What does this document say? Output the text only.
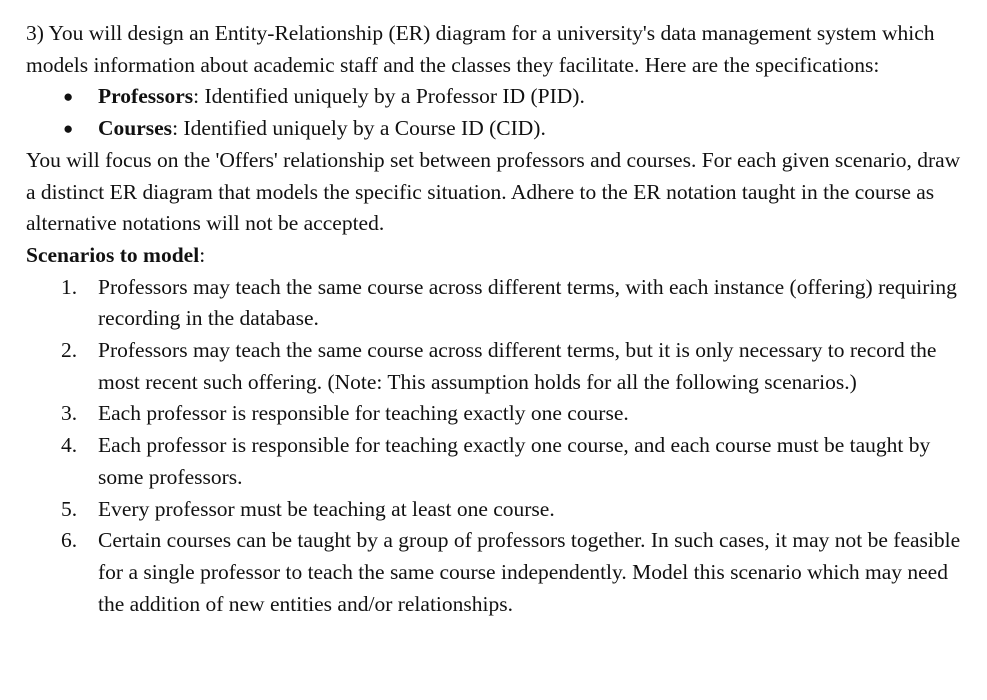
3) You will design an Entity-Relationship (ER) diagram for a university's data management system which models information about academic staff and the classes they facilitate. Here are the specifications:

● Professors: Identified uniquely by a Professor ID (PID).
● Courses: Identified uniquely by a Course ID (CID).

You will focus on the 'Offers' relationship set between professors and courses. For each given scenario, draw a distinct ER diagram that models the specific situation. Adhere to the ER notation taught in the course as alternative notations will not be accepted.

Scenarios to model:

1. Professors may teach the same course across different terms, with each instance (offering) requiring recording in the database.
2. Professors may teach the same course across different terms, but it is only necessary to record the most recent such offering. (Note: This assumption holds for all the following scenarios.)
3. Each professor is responsible for teaching exactly one course.
4. Each professor is responsible for teaching exactly one course, and each course must be taught by some professors.
5. Every professor must be teaching at least one course.
6. Certain courses can be taught by a group of professors together. In such cases, it may not be feasible for a single professor to teach the same course independently. Model this scenario which may need the addition of new entities and/or relationships.
